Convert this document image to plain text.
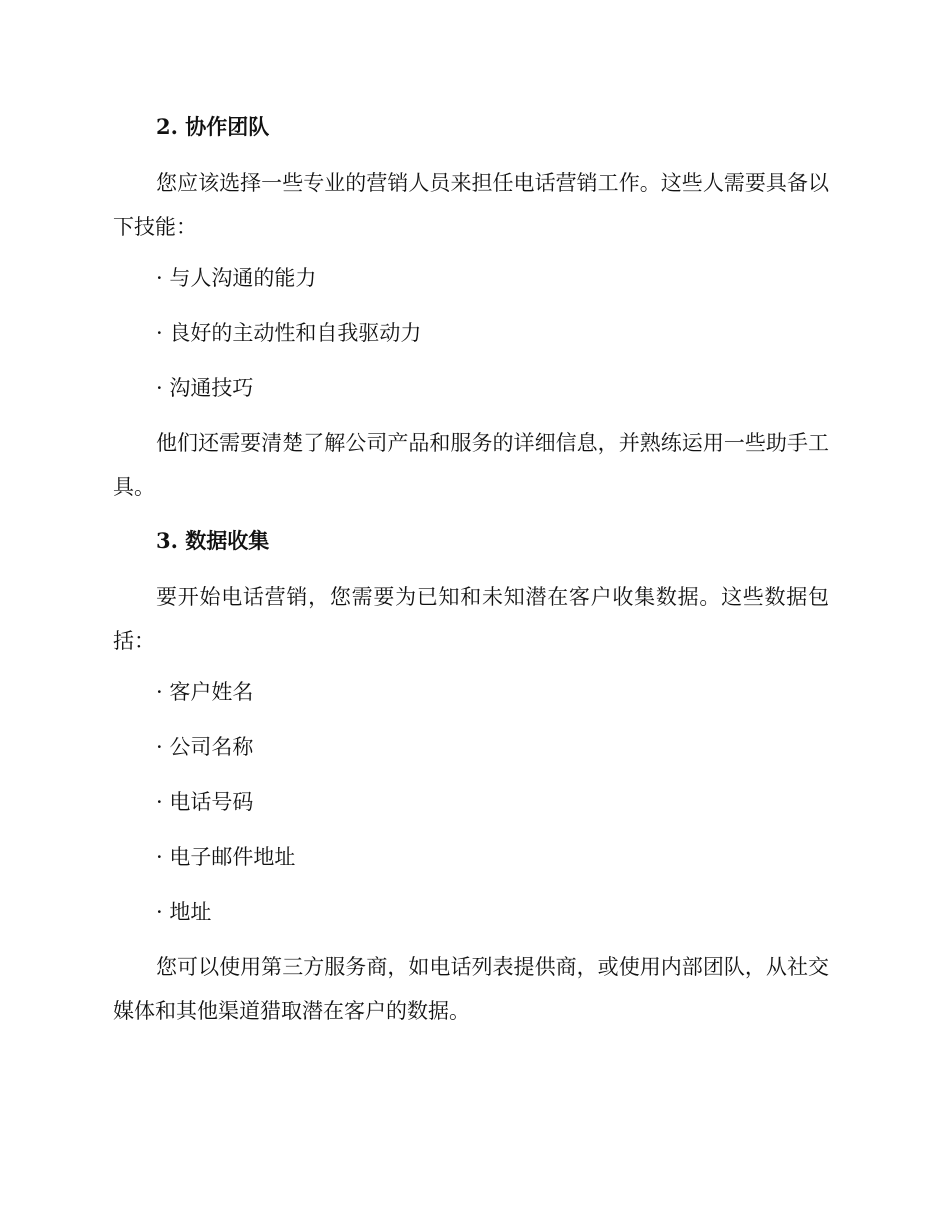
2. 协作团队

您应该选择一些专业的营销人员来担任电话营销工作。这些人需要具备以下技能：

· 与人沟通的能力

· 良好的主动性和自我驱动力

· 沟通技巧

他们还需要清楚了解公司产品和服务的详细信息，并熟练运用一些助手工具。

3. 数据收集

要开始电话营销，您需要为已知和未知潜在客户收集数据。这些数据包括：

· 客户姓名

· 公司名称

· 电话号码

· 电子邮件地址

· 地址

您可以使用第三方服务商，如电话列表提供商，或使用内部团队，从社交媒体和其他渠道猎取潜在客户的数据。
